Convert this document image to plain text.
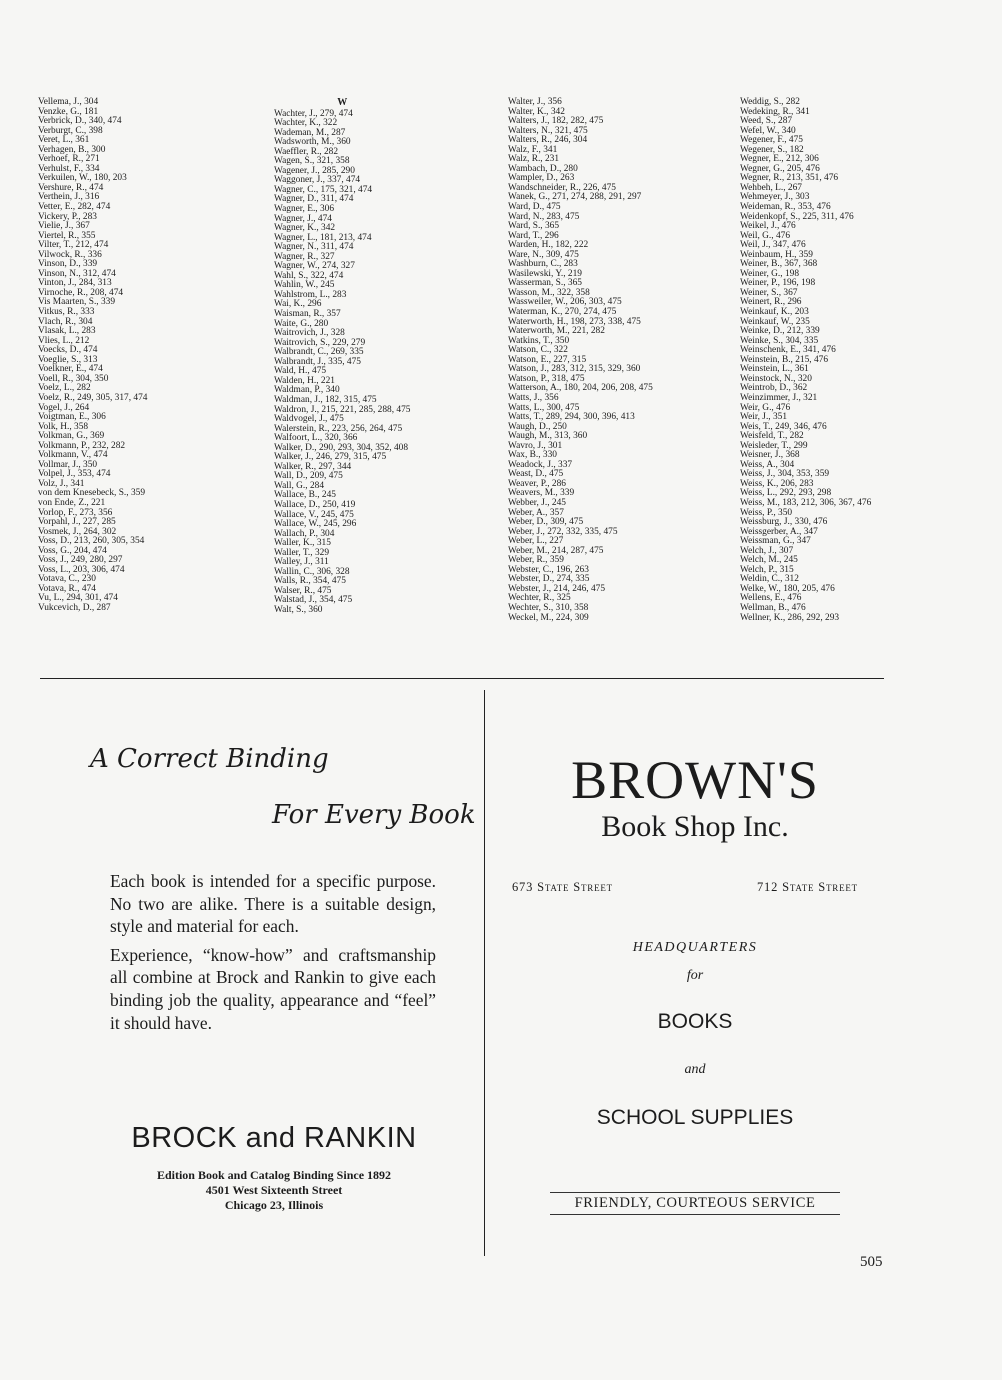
Vellema, J., 304
Venzke, G., 181
Verbrick, D., 340, 474
Verburgt, C., 398
Veret, L., 361
Verhagen, B., 300
Verhoef, R., 271
Verhulst, F., 334
Verkuilen, W., 180, 203
Vershure, R., 474
Verthein, J., 316
Vetter, E., 282, 474
Vickery, P., 283
Vielie, J., 367
Viertel, R., 355
Vilter, T., 212, 474
Vilwock, R., 336
Vinson, D., 339
Vinson, N., 312, 474
Vinton, J., 284, 313
Virnoche, R., 208, 474
Vis Maarten, S., 339
Vitkus, R., 333
Vlach, R., 304
Vlasak, L., 283
Vlies, L., 212
Voecks, D., 474
Voeglie, S., 313
Voelkner, E., 474
Voell, R., 304, 350
Voelz, L., 282
Voelz, R., 249, 305, 317, 474
Vogel, J., 264
Voigtman, E., 306
Volk, H., 358
Volkman, G., 369
Volkmann, P., 232, 282
Volkmann, V., 474
Vollmar, J., 350
Volpel, J., 353, 474
Volz, J., 341
von dem Knesebeck, S., 359
von Ende, Z., 221
Vorlop, F., 273, 356
Vorpahl, J., 227, 285
Vosmek, J., 264, 302
Voss, D., 213, 260, 305, 354
Voss, G., 204, 474
Voss, J., 249, 280, 297
Voss, L., 203, 306, 474
Votava, C., 230
Votava, R., 474
Vu, L., 294, 301, 474
Vukcevich, D., 287
W
Wachter, J., 279, 474
Wachter, K., 322
Wademan, M., 287
Wadsworth, M., 360
Waeffler, R., 282
Wagen, S., 321, 358
Wagener, J., 285, 290
Waggoner, J., 337, 474
Wagner, C., 175, 321, 474
Wagner, D., 311, 474
Wagner, E., 306
Wagner, J., 474
Wagner, K., 342
Wagner, L., 181, 213, 474
Wagner, N., 311, 474
Wagner, R., 327
Wagner, W., 274, 327
Wahl, S., 322, 474
Wahlin, W., 245
Wahlstrom, L., 283
Wai, K., 296
Waisman, R., 357
Waite, G., 280
Waitrovich, J., 328
Waitrovich, S., 229, 279
Walbrandt, C., 269, 335
Walbrandt, J., 335, 475
Wald, H., 475
Walden, H., 221
Waldman, P., 340
Waldman, J., 182, 315, 475
Waldron, J., 215, 221, 285, 288, 475
Waldvogel, J., 475
Walerstein, R., 223, 256, 264, 475
Walfoort, L., 320, 366
Walker, D., 290, 293, 304, 352, 408
Walker, J., 246, 279, 315, 475
Walker, R., 297, 344
Wall, D., 209, 475
Wall, G., 284
Wallace, B., 245
Wallace, D., 250, 419
Wallace, V., 245, 475
Wallace, W., 245, 296
Wallach, P., 304
Waller, K., 315
Waller, T., 329
Walley, J., 311
Wallin, C., 306, 328
Walls, R., 354, 475
Walser, R., 475
Walstad, J., 354, 475
Walt, S., 360
Walter, J., 356
Walter, K., 342
Walters, J., 182, 282, 475
Walters, N., 321, 475
Walters, R., 246, 304
Walz, F., 341
Walz, R., 231
Wambach, D., 280
Wampler, D., 263
Wandschneider, R., 226, 475
Wanek, G., 271, 274, 288, 291, 297
Ward, D., 475
Ward, N., 283, 475
Ward, S., 365
Ward, T., 296
Warden, H., 182, 222
Ware, N., 309, 475
Washburn, C., 283
Wasilewski, Y., 219
Wasserman, S., 365
Wasson, M., 322, 358
Wassweiler, W., 206, 303, 475
Waterman, K., 270, 274, 475
Waterworth, H., 198, 273, 338, 475
Waterworth, M., 221, 282
Watkins, T., 350
Watson, C., 322
Watson, E., 227, 315
Watson, J., 283, 312, 315, 329, 360
Watson, P., 318, 475
Watterson, A., 180, 204, 206, 208, 475
Watts, J., 356
Watts, L., 300, 475
Watts, T., 289, 294, 300, 396, 413
Waugh, D., 250
Waugh, M., 313, 360
Wavro, J., 301
Wax, B., 330
Weadock, J., 337
Weast, D., 475
Weaver, P., 286
Weavers, M., 339
Webber, J., 245
Weber, A., 357
Weber, D., 309, 475
Weber, J., 272, 332, 335, 475
Weber, L., 227
Weber, M., 214, 287, 475
Weber, R., 359
Webster, C., 196, 263
Webster, D., 274, 335
Webster, J., 214, 246, 475
Wechter, R., 325
Wechter, S., 310, 358
Weckel, M., 224, 309
Weddig, S., 282
Wedeking, R., 341
Weed, S., 287
Wefel, W., 340
Wegener, F., 475
Wegener, S., 182
Wegner, E., 212, 306
Wegner, G., 205, 476
Wegner, R., 213, 351, 476
Wehbeh, L., 267
Wehmeyer, J., 303
Weideman, R., 353, 476
Weidenkopf, S., 225, 311, 476
Weikel, J., 476
Weil, G., 476
Weil, J., 347, 476
Weinbaum, H., 359
Weiner, B., 367, 368
Weiner, G., 198
Weiner, P., 196, 198
Weiner, S., 367
Weinert, R., 296
Weinkauf, K., 203
Weinkauf, W., 235
Weinke, D., 212, 339
Weinke, S., 304, 335
Weinschenk, E., 341, 476
Weinstein, B., 215, 476
Weinstein, L., 361
Weinstock, N., 320
Weintrob, D., 362
Weinzimmer, J., 321
Weir, G., 476
Weir, J., 351
Weis, T., 249, 346, 476
Weisfeld, T., 282
Weisleder, T., 299
Weisner, J., 368
Weiss, A., 304
Weiss, J., 304, 353, 359
Weiss, K., 206, 283
Weiss, L., 292, 293, 298
Weiss, M., 183, 212, 306, 367, 476
Weiss, P., 350
Weissburg, J., 330, 476
Weissgerber, A., 347
Weissman, G., 347
Welch, J., 307
Welch, M., 245
Welch, P., 315
Weldin, C., 312
Welke, W., 180, 205, 476
Wellens, E., 476
Wellman, B., 476
Wellner, K., 286, 292, 293
A Correct Binding
For Every Book

Each book is intended for a specific purpose. No two are alike. There is a suitable design, style and material for each.

Experience, “know-how” and craftsmanship all combine at Brock and Rankin to give each binding job the quality, appearance and “feel” it should have.

BROCK and RANKIN
Edition Book and Catalog Binding Since 1892
4501 West Sixteenth Street
Chicago 23, Illinois
BROWN'S
Book Shop Inc.
673 State Street	712 State Street
HEADQUARTERS
for
BOOKS
and
SCHOOL SUPPLIES
FRIENDLY, COURTEOUS SERVICE
505
